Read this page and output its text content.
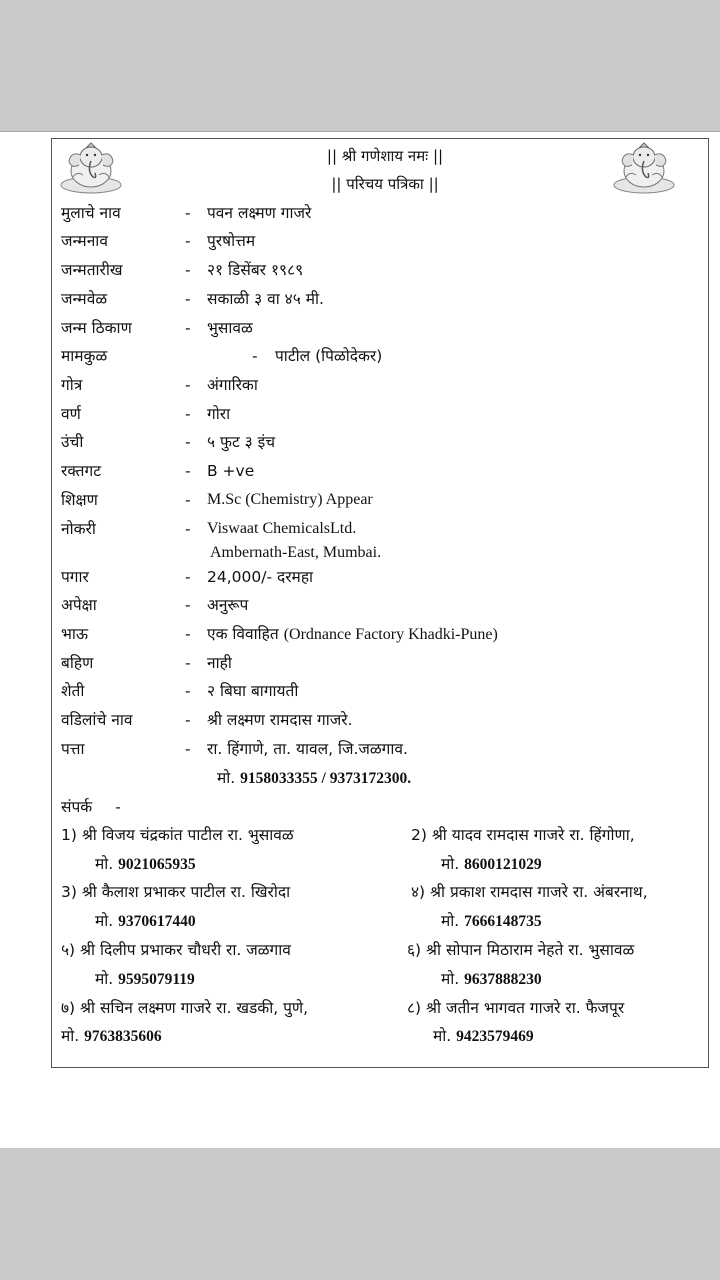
|| श्री गणेशाय नमः ||
|| परिचय पत्रिका ||
मुलाचे नाव	- पवन लक्ष्मण गाजरे
जन्मनाव	- पुरषोत्तम
जन्मतारीख	- २१ डिसेंबर १९८९
जन्मवेळ	- सकाळी ३ वा ४५ मी.
जन्म ठिकाण	- भुसावळ
मामकुळ	- पाटील (पिळोदेकर)
गोत्र	- अंगारिका
वर्ण	- गोरा
उंची	- ५ फुट ३ इंच
रक्तगट	- B +ve
शिक्षण	- M.Sc (Chemistry) Appear
नोकरी	- Viswaat ChemicalsLtd.
Ambernath-East, Mumbai.
पगार	- 24,000/- दरमहा
अपेक्षा	- अनुरूप
भाऊ	- एक विवाहित (Ordnance Factory Khadki-Pune)
बहिण	- नाही
शेती	- २ बिघा बागायती
वडिलांचे नाव	- श्री लक्ष्मण रामदास गाजरे.
पत्ता	- रा. हिंगाणे, ता. यावल, जि.जळगाव.
मो. 9158033355 / 9373172300.
संपर्क -
1) श्री विजय चंद्रकांत पाटील रा. भुसावळ
मो. 9021065935
2) श्री यादव रामदास गाजरे रा. हिंगोणा,
मो. 8600121029
3) श्री कैलाश प्रभाकर पाटील रा. खिरोदा
मो. 9370617440
४) श्री प्रकाश रामदास गाजरे रा. अंबरनाथ,
मो. 7666148735
५) श्री दिलीप प्रभाकर चौधरी रा. जळगाव
मो. 9595079119
६) श्री सोपान मिठाराम नेहते रा. भुसावळ
मो. 9637888230
७) श्री सचिन लक्ष्मण गाजरे रा. खडकी, पुणे,
मो. 9763835606
८) श्री जतीन भागवत गाजरे रा. फैजपूर
मो. 9423579469
